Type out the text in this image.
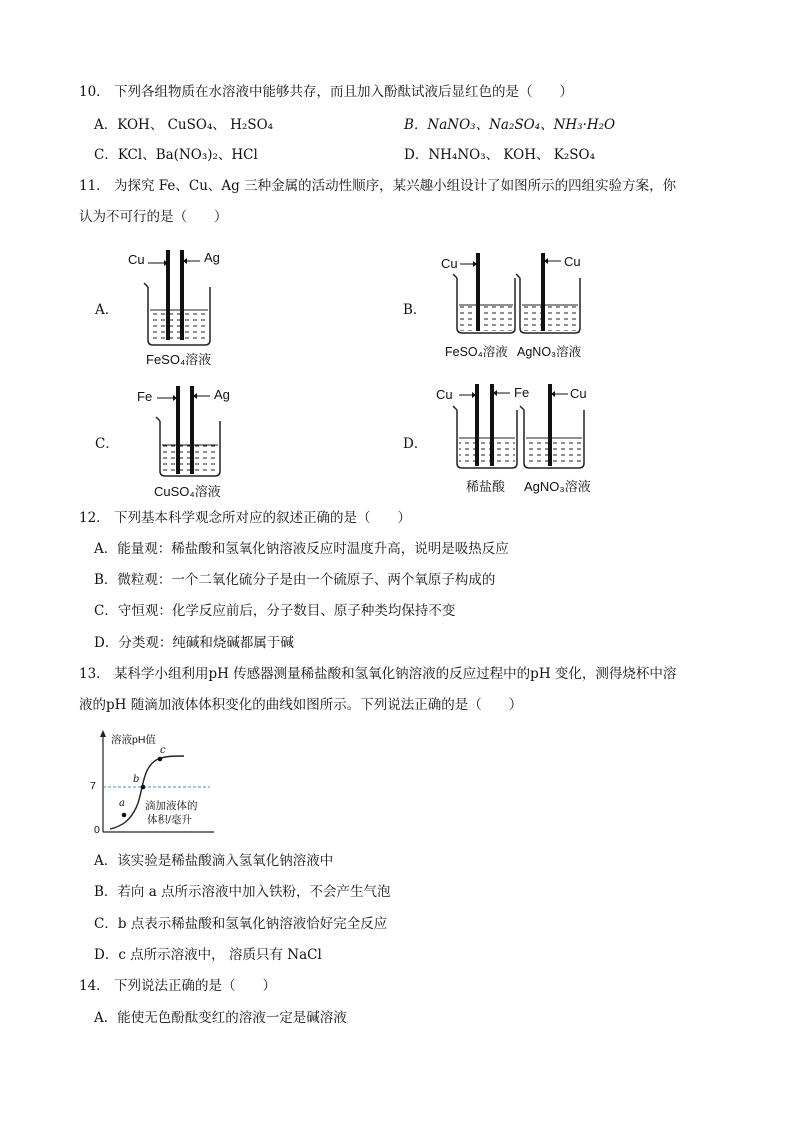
10． 下列各组物质在水溶液中能够共存，而且加入酚酞试液后显红色的是（　　）
A．KOH、 CuSO₄、 H₂SO₄	B．NaNO₃、Na₂SO₄、NH₃·H₂O
C．KCl、Ba(NO₃)₂、HCl	D．NH₄NO₃、 KOH、 K₂SO₄
11． 为探究 Fe、Cu、Ag 三种金属的活动性顺序，某兴趣小组设计了如图所示的四组实验方案，你
认为不可行的是（　　）
A．	B．
C．	D．
Cu	Ag
FeSO₄溶液
Cu	Cu
FeSO₄溶液 AgNO₃溶液
Fe	Ag
CuSO₄溶液
Cu	Fe	Cu
稀盐酸 AgNO₃溶液
12． 下列基本科学观念所对应的叙述正确的是（　　）
A．能量观：稀盐酸和氢氧化钠溶液反应时温度升高，说明是吸热反应
B．微粒观：一个二氧化硫分子是由一个硫原子、两个氧原子构成的
C．守恒观：化学反应前后，分子数目、原子种类均保持不变
D．分类观：纯碱和烧碱都属于碱
13． 某科学小组利用pH 传感器测量稀盐酸和氢氧化钠溶液的反应过程中的pH 变化，测得烧杯中溶
液的pH 随滴加液体体积变化的曲线如图所示。下列说法正确的是（　　）
溶液pH值
7
0
a
b
c
滴加液体的
体积/毫升
A．该实验是稀盐酸滴入氢氧化钠溶液中
B．若向 a 点所示溶液中加入铁粉，不会产生气泡
C．b 点表示稀盐酸和氢氧化钠溶液恰好完全反应
D．c 点所示溶液中， 溶质只有 NaCl
14． 下列说法正确的是（　　）
A．能使无色酚酞变红的溶液一定是碱溶液
